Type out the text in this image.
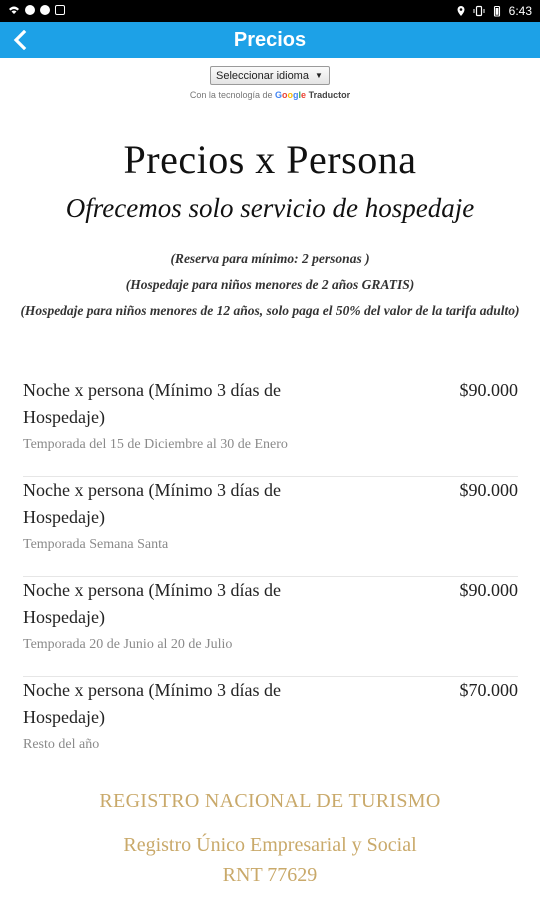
6:43
Precios
Seleccionar idioma ▼
Con la tecnología de Google Traductor
Precios x Persona
Ofrecemos solo servicio de hospedaje
(Reserva para mínimo: 2 personas )
(Hospedaje para niños menores de 2 años GRATIS)
(Hospedaje para niños menores de 12 años, solo paga el 50% del valor de la tarifa adulto)
Noche x persona (Mínimo 3 días de Hospedaje)
$90.000
Temporada del 15 de Diciembre al 30 de Enero
Noche x persona (Mínimo 3 días de Hospedaje)
$90.000
Temporada Semana Santa
Noche x persona (Mínimo 3 días de Hospedaje)
$90.000
Temporada 20 de Junio al 20 de Julio
Noche x persona (Mínimo 3 días de Hospedaje)
$70.000
Resto del año
REGISTRO NACIONAL DE TURISMO
Registro Único Empresarial y Social
RNT 77629
